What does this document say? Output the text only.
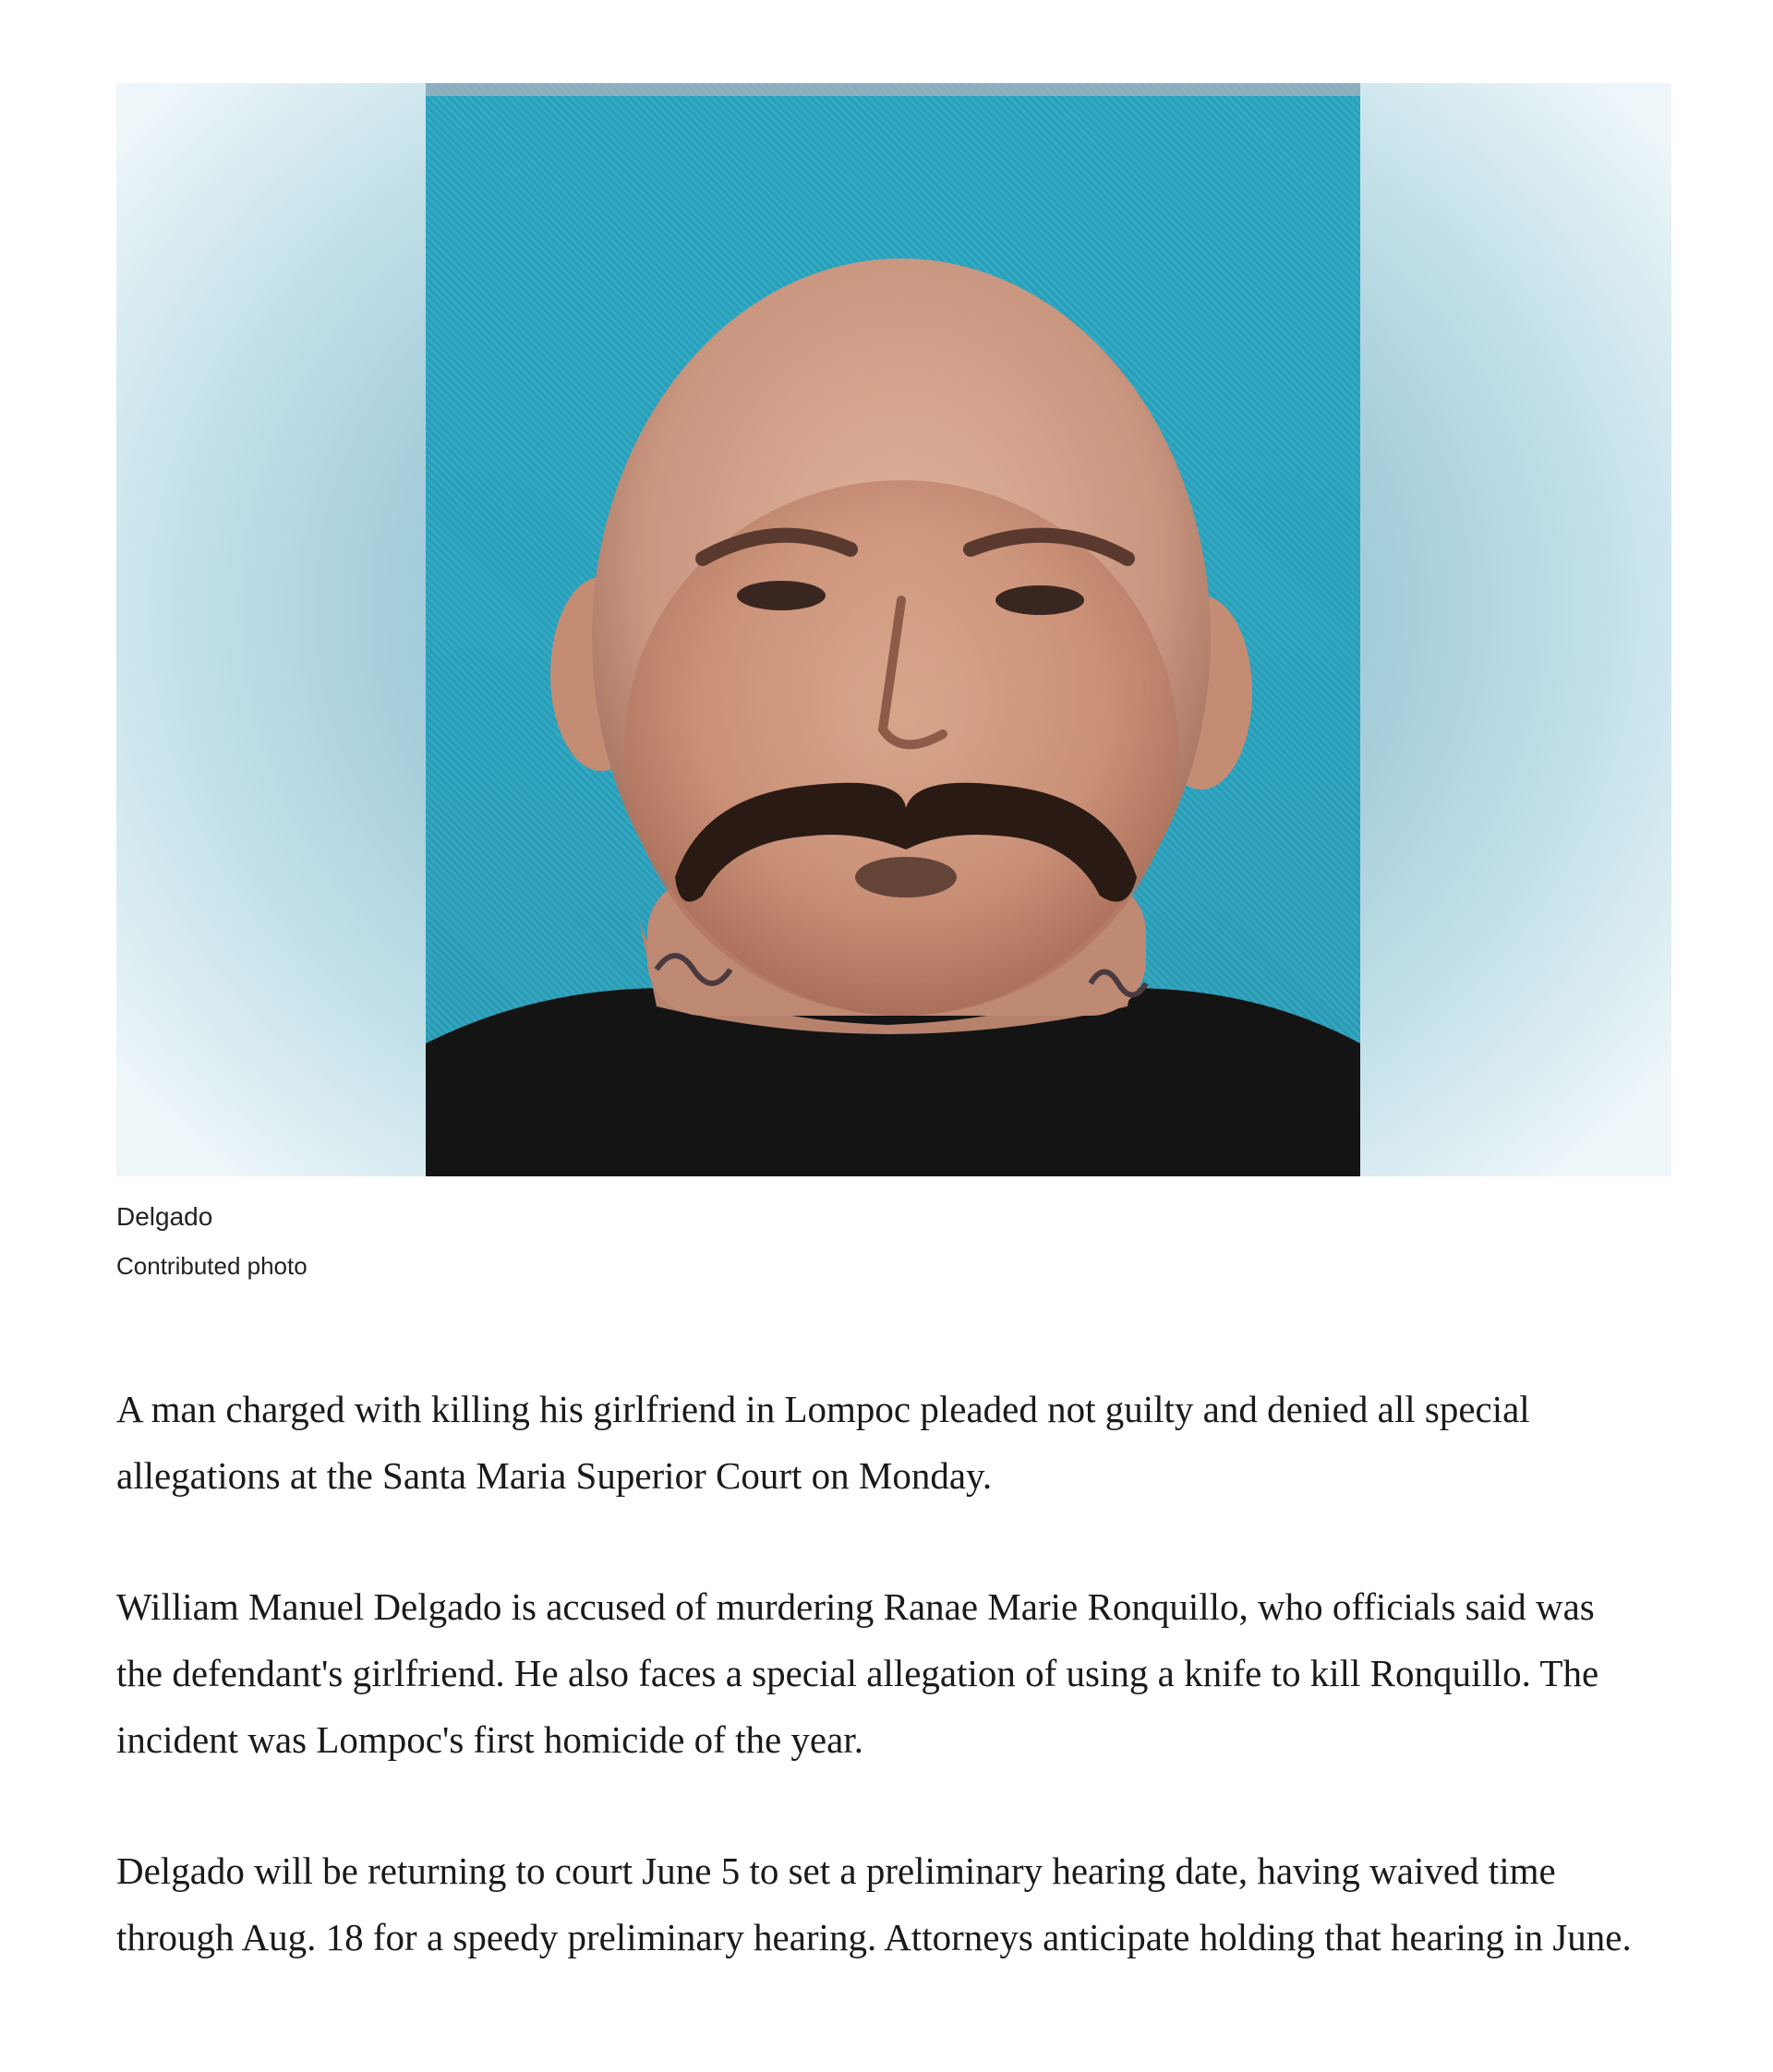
Delgado

Contributed photo

A man charged with killing his girlfriend in Lompoc pleaded not guilty and denied all special allegations at the Santa Maria Superior Court on Monday.

William Manuel Delgado is accused of murdering Ranae Marie Ronquillo, who officials said was the defendant's girlfriend. He also faces a special allegation of using a knife to kill Ronquillo. The incident was Lompoc's first homicide of the year.

Delgado will be returning to court June 5 to set a preliminary hearing date, having waived time through Aug. 18 for a speedy preliminary hearing. Attorneys anticipate holding that hearing in June.
